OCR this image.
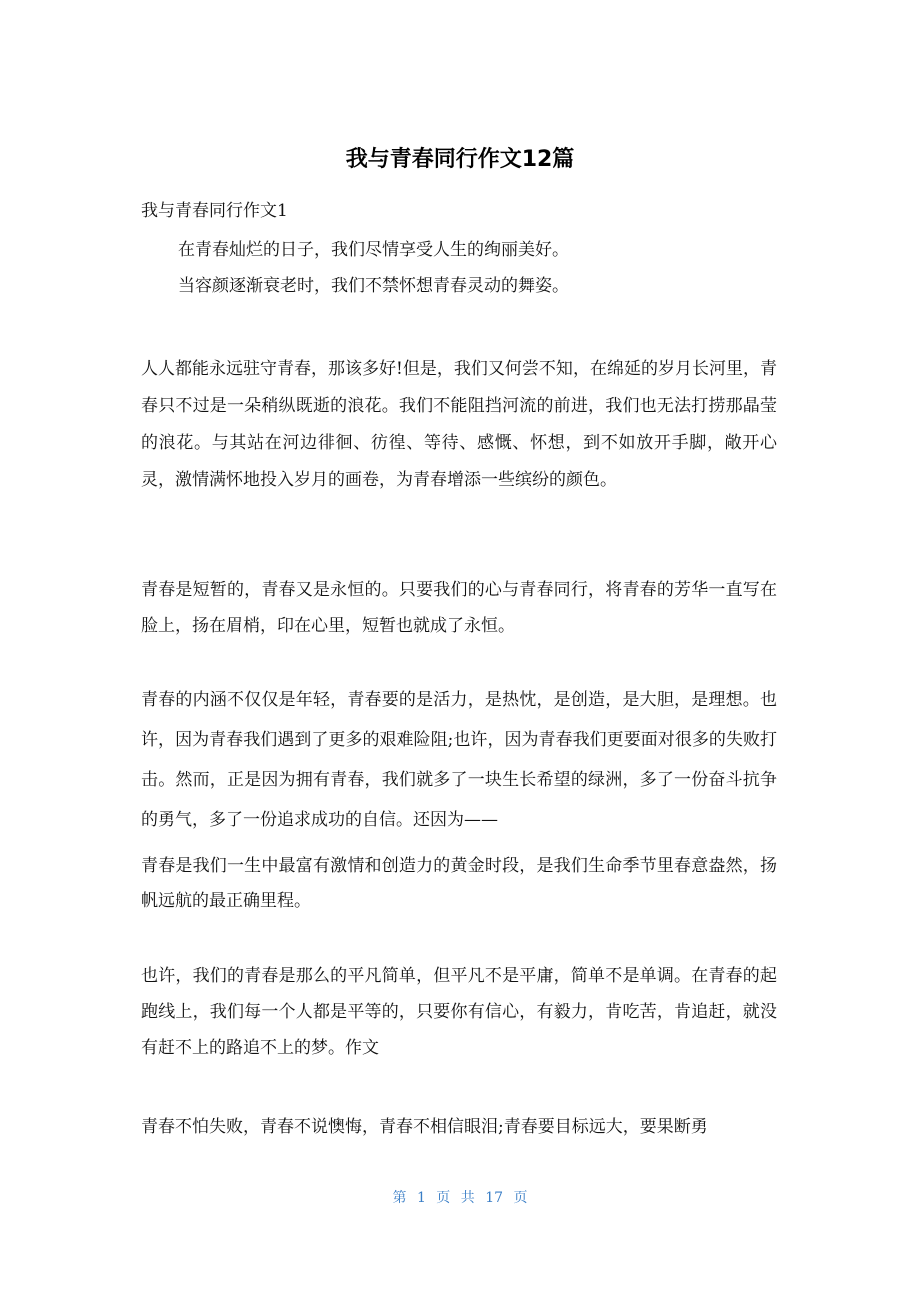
我与青春同行作文12篇
我与青春同行作文1
在青春灿烂的日子，我们尽情享受人生的绚丽美好。
当容颜逐渐衰老时，我们不禁怀想青春灵动的舞姿。

人人都能永远驻守青春，那该多好!但是，我们又何尝不知，在绵延的岁月长河里，青春只不过是一朵稍纵既逝的浪花。我们不能阻挡河流的前进，我们也无法打捞那晶莹的浪花。与其站在河边徘徊、彷徨、等待、感慨、怀想，到不如放开手脚，敞开心灵，激情满怀地投入岁月的画卷，为青春增添一些缤纷的颜色。

青春是短暂的，青春又是永恒的。只要我们的心与青春同行，将青春的芳华一直写在脸上，扬在眉梢，印在心里，短暂也就成了永恒。

青春的内涵不仅仅是年轻，青春要的是活力，是热忱，是创造，是大胆，是理想。也许，因为青春我们遇到了更多的艰难险阻;也许，因为青春我们更要面对很多的失败打击。然而，正是因为拥有青春，我们就多了一块生长希望的绿洲，多了一份奋斗抗争的勇气，多了一份追求成功的自信。还因为——

青春是我们一生中最富有激情和创造力的黄金时段，是我们生命季节里春意盎然，扬帆远航的最正确里程。

也许，我们的青春是那么的平凡简单，但平凡不是平庸，简单不是单调。在青春的起跑线上，我们每一个人都是平等的，只要你有信心，有毅力，肯吃苦，肯追赶，就没有赶不上的路追不上的梦。作文

青春不怕失败，青春不说懊悔，青春不相信眼泪;青春要目标远大，要果断勇

第 1 页 共 17 页
